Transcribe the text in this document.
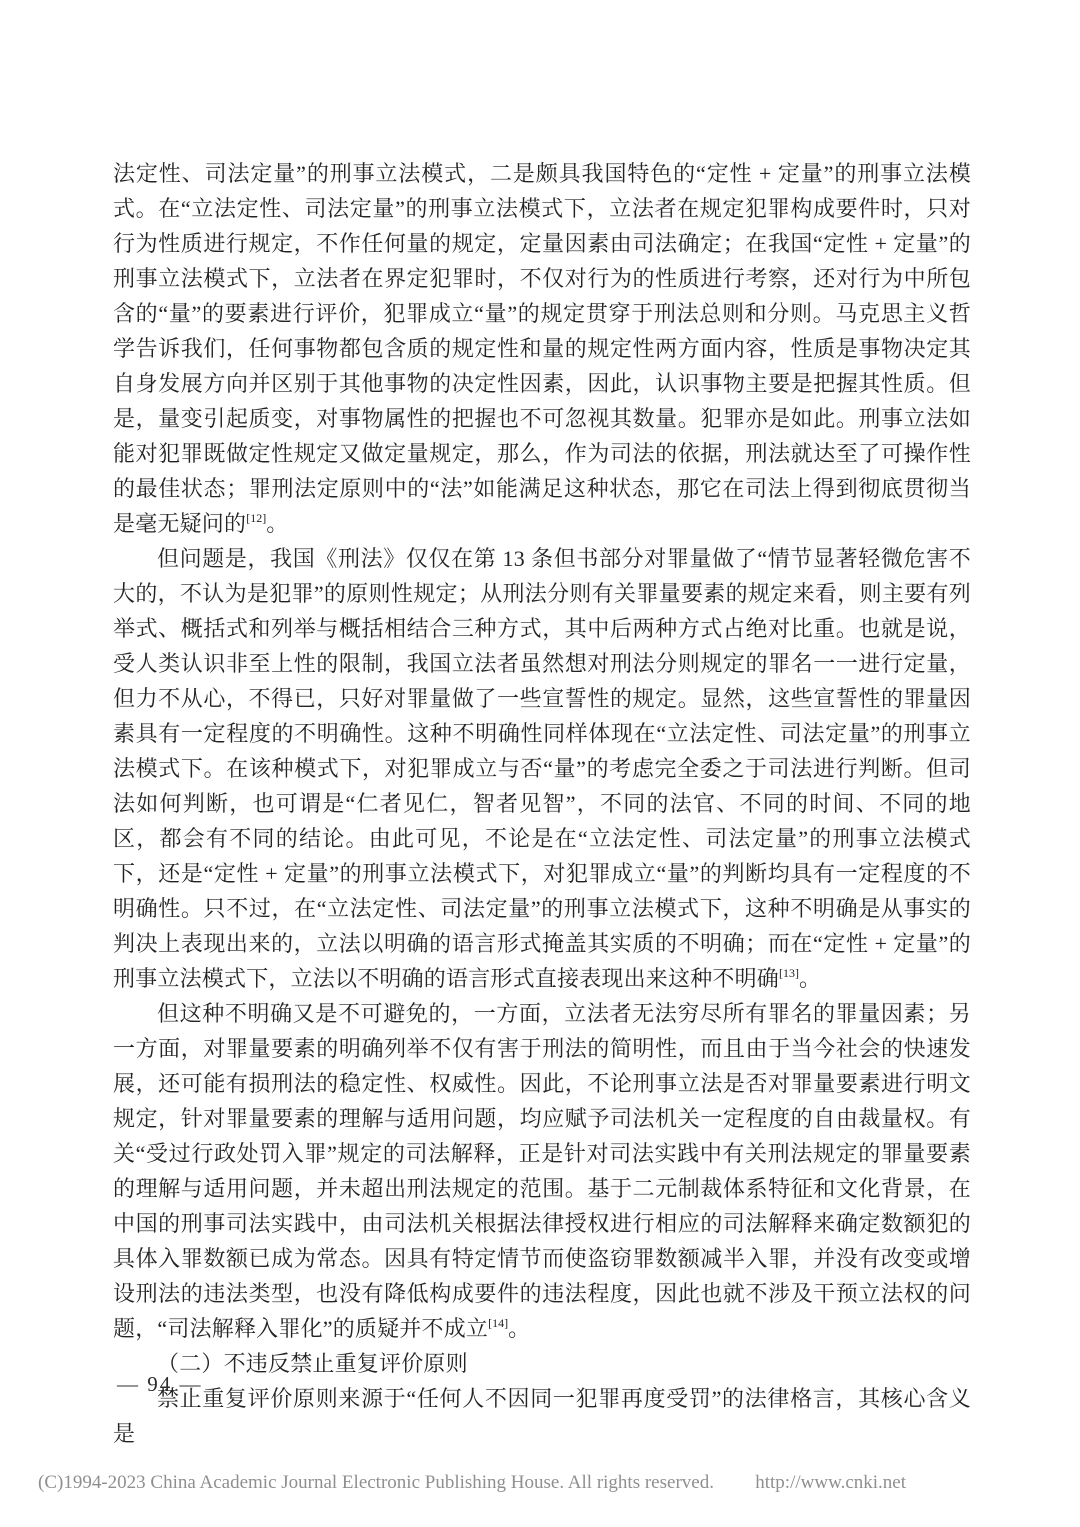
法定性、司法定量”的刑事立法模式，二是颇具我国特色的“定性 + 定量”的刑事立法模式。在“立法定性、司法定量”的刑事立法模式下，立法者在规定犯罪构成要件时，只对行为性质进行规定，不作任何量的规定，定量因素由司法确定；在我国“定性 + 定量”的刑事立法模式下，立法者在界定犯罪时，不仅对行为的性质进行考察，还对行为中所包含的“量”的要素进行评价，犯罪成立“量”的规定贯穿于刑法总则和分则。马克思主义哲学告诉我们，任何事物都包含质的规定性和量的规定性两方面内容，性质是事物决定其自身发展方向并区别于其他事物的决定性因素，因此，认识事物主要是把握其性质。但是，量变引起质变，对事物属性的把握也不可忽视其数量。犯罪亦是如此。刑事立法如能对犯罪既做定性规定又做定量规定，那么，作为司法的依据，刑法就达至了可操作性的最佳状态；罪刑法定原则中的“法”如能满足这种状态，那它在司法上得到彻底贯彻当是毫无疑问的[12]。

但问题是，我国《刑法》仅仅在第 13 条但书部分对罪量做了“情节显著轻微危害不大的，不认为是犯罪”的原则性规定；从刑法分则有关罪量要素的规定来看，则主要有列举式、概括式和列举与概括相结合三种方式，其中后两种方式占绝对比重。也就是说，受人类认识非至上性的限制，我国立法者虽然想对刑法分则规定的罪名一一进行定量，但力不从心，不得已，只好对罪量做了一些宣誓性的规定。显然，这些宣誓性的罪量因素具有一定程度的不明确性。这种不明确性同样体现在“立法定性、司法定量”的刑事立法模式下。在该种模式下，对犯罪成立与否“量”的考虑完全委之于司法进行判断。但司法如何判断，也可谓是“仁者见仁，智者见智”，不同的法官、不同的时间、不同的地区，都会有不同的结论。由此可见，不论是在“立法定性、司法定量”的刑事立法模式下，还是“定性 + 定量”的刑事立法模式下，对犯罪成立“量”的判断均具有一定程度的不明确性。只不过，在“立法定性、司法定量”的刑事立法模式下，这种不明确是从事实的判决上表现出来的，立法以明确的语言形式掩盖其实质的不明确；而在“定性 + 定量”的刑事立法模式下，立法以不明确的语言形式直接表现出来这种不明确[13]。

但这种不明确又是不可避免的，一方面，立法者无法穷尽所有罪名的罪量因素；另一方面，对罪量要素的明确列举不仅有害于刑法的简明性，而且由于当今社会的快速发展，还可能有损刑法的稳定性、权威性。因此，不论刑事立法是否对罪量要素进行明文规定，针对罪量要素的理解与适用问题，均应赋予司法机关一定程度的自由裁量权。有关“受过行政处罚入罪”规定的司法解释，正是针对司法实践中有关刑法规定的罪量要素的理解与适用问题，并未超出刑法规定的范围。基于二元制裁体系特征和文化背景，在中国的刑事司法实践中，由司法机关根据法律授权进行相应的司法解释来确定数额犯的具体入罪数额已成为常态。因具有特定情节而使盗窃罪数额减半入罪，并没有改变或增设刑法的违法类型，也没有降低构成要件的违法程度，因此也就不涉及干预立法权的问题，“司法解释入罪化”的质疑并不成立[14]。

（二）不违反禁止重复评价原则

禁止重复评价原则来源于“任何人不因同一犯罪再度受罚”的法律格言，其核心含义是

— 94 —
(C)1994-2023 China Academic Journal Electronic Publishing House. All rights reserved. http://www.cnki.net
